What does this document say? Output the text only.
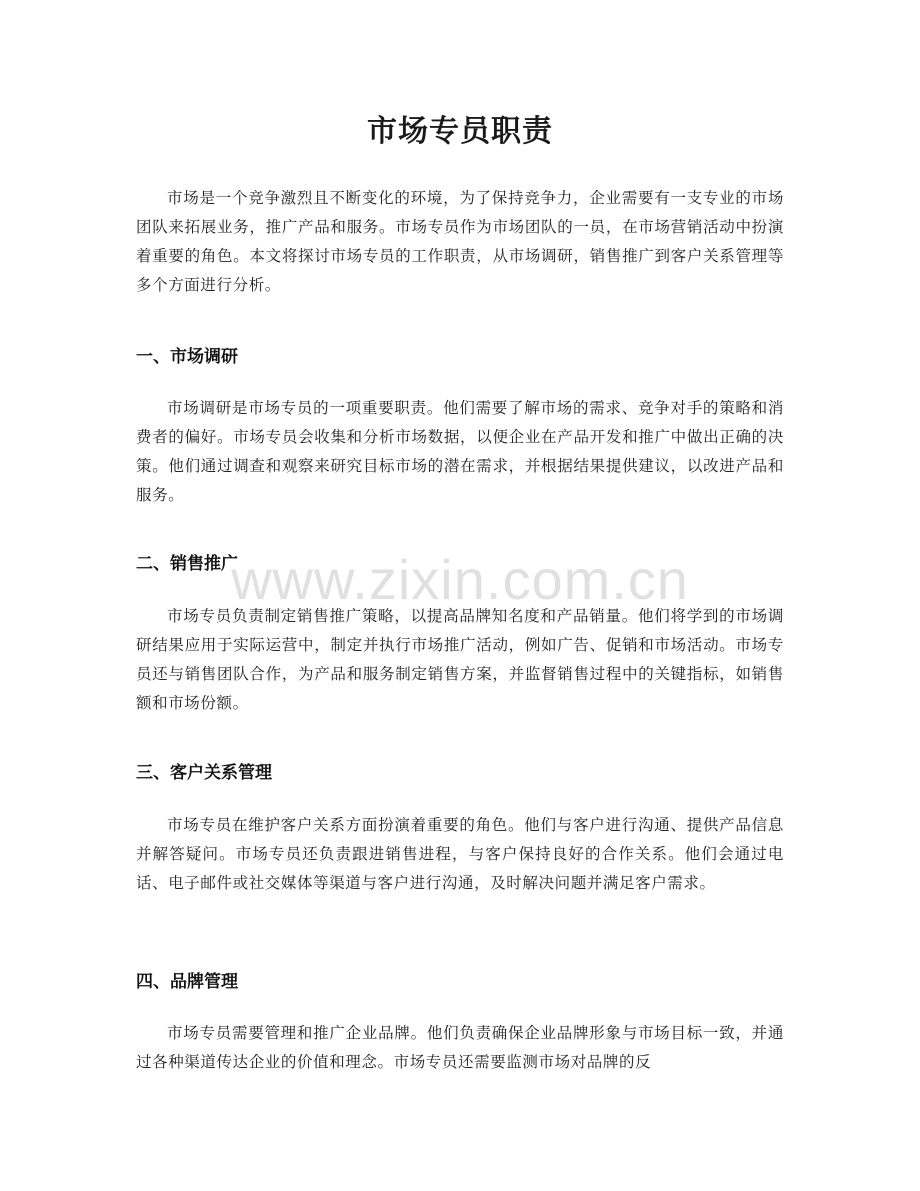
市场专员职责

市场是一个竞争激烈且不断变化的环境，为了保持竞争力，企业需要有一支专业的市场团队来拓展业务，推广产品和服务。市场专员作为市场团队的一员，在市场营销活动中扮演着重要的角色。本文将探讨市场专员的工作职责，从市场调研，销售推广到客户关系管理等多个方面进行分析。

一、市场调研

市场调研是市场专员的一项重要职责。他们需要了解市场的需求、竞争对手的策略和消费者的偏好。市场专员会收集和分析市场数据，以便企业在产品开发和推广中做出正确的决策。他们通过调查和观察来研究目标市场的潜在需求，并根据结果提供建议，以改进产品和服务。

二、销售推广

市场专员负责制定销售推广策略，以提高品牌知名度和产品销量。他们将学到的市场调研结果应用于实际运营中，制定并执行市场推广活动，例如广告、促销和市场活动。市场专员还与销售团队合作，为产品和服务制定销售方案，并监督销售过程中的关键指标，如销售额和市场份额。

三、客户关系管理

市场专员在维护客户关系方面扮演着重要的角色。他们与客户进行沟通、提供产品信息并解答疑问。市场专员还负责跟进销售进程，与客户保持良好的合作关系。他们会通过电话、电子邮件或社交媒体等渠道与客户进行沟通，及时解决问题并满足客户需求。

四、品牌管理

市场专员需要管理和推广企业品牌。他们负责确保企业品牌形象与市场目标一致，并通过各种渠道传达企业的价值和理念。市场专员还需要监测市场对品牌的反

www.zixin.com.cn
